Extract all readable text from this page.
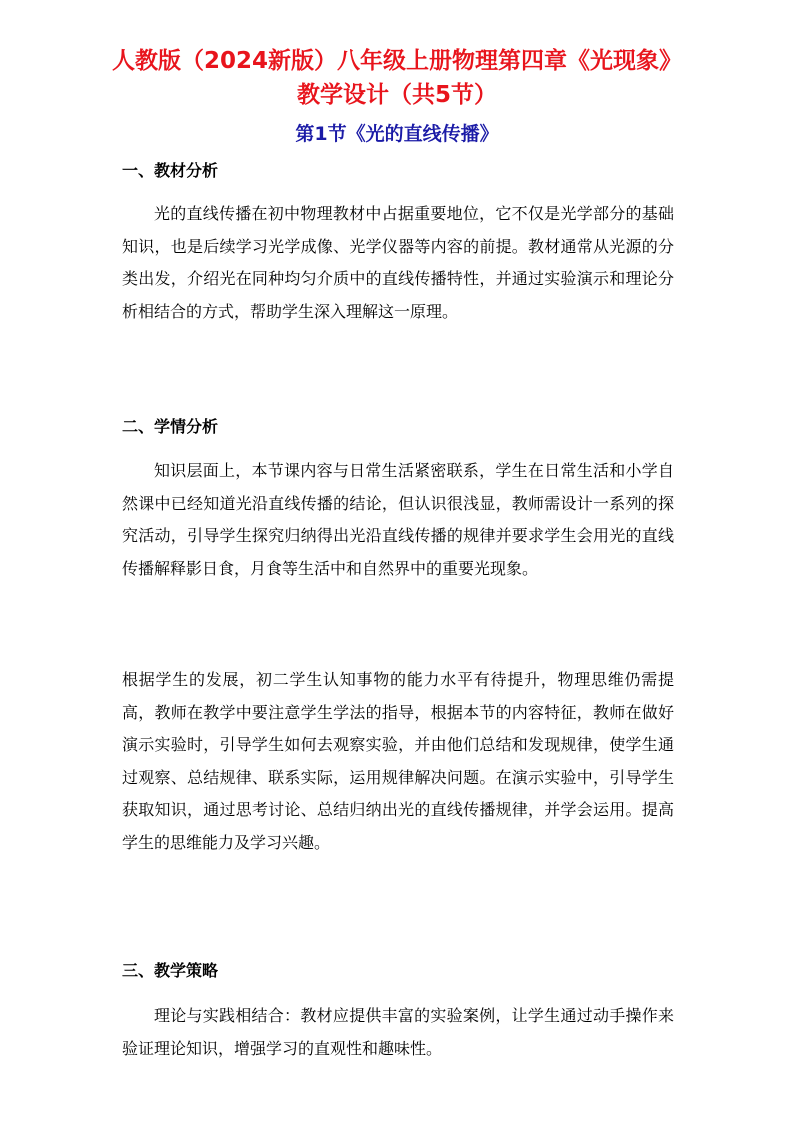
人教版（2024新版）八年级上册物理第四章《光现象》教学设计（共5节）
第1节《光的直线传播》
一、教材分析

光的直线传播在初中物理教材中占据重要地位，它不仅是光学部分的基础知识，也是后续学习光学成像、光学仪器等内容的前提。教材通常从光源的分类出发，介绍光在同种均匀介质中的直线传播特性，并通过实验演示和理论分析相结合的方式，帮助学生深入理解这一原理。

二、学情分析

知识层面上，本节课内容与日常生活紧密联系，学生在日常生活和小学自然课中已经知道光沿直线传播的结论，但认识很浅显，教师需设计一系列的探究活动，引导学生探究归纳得出光沿直线传播的规律并要求学生会用光的直线传播解释影日食，月食等生活中和自然界中的重要光现象。

根据学生的发展，初二学生认知事物的能力水平有待提升，物理思维仍需提高，教师在教学中要注意学生学法的指导，根据本节的内容特征，教师在做好演示实验时，引导学生如何去观察实验，并由他们总结和发现规律，使学生通过观察、总结规律、联系实际，运用规律解决问题。在演示实验中，引导学生获取知识，通过思考讨论、总结归纳出光的直线传播规律，并学会运用。提高学生的思维能力及学习兴趣。

三、教学策略

理论与实践相结合：教材应提供丰富的实验案例，让学生通过动手操作来验证理论知识，增强学习的直观性和趣味性。
